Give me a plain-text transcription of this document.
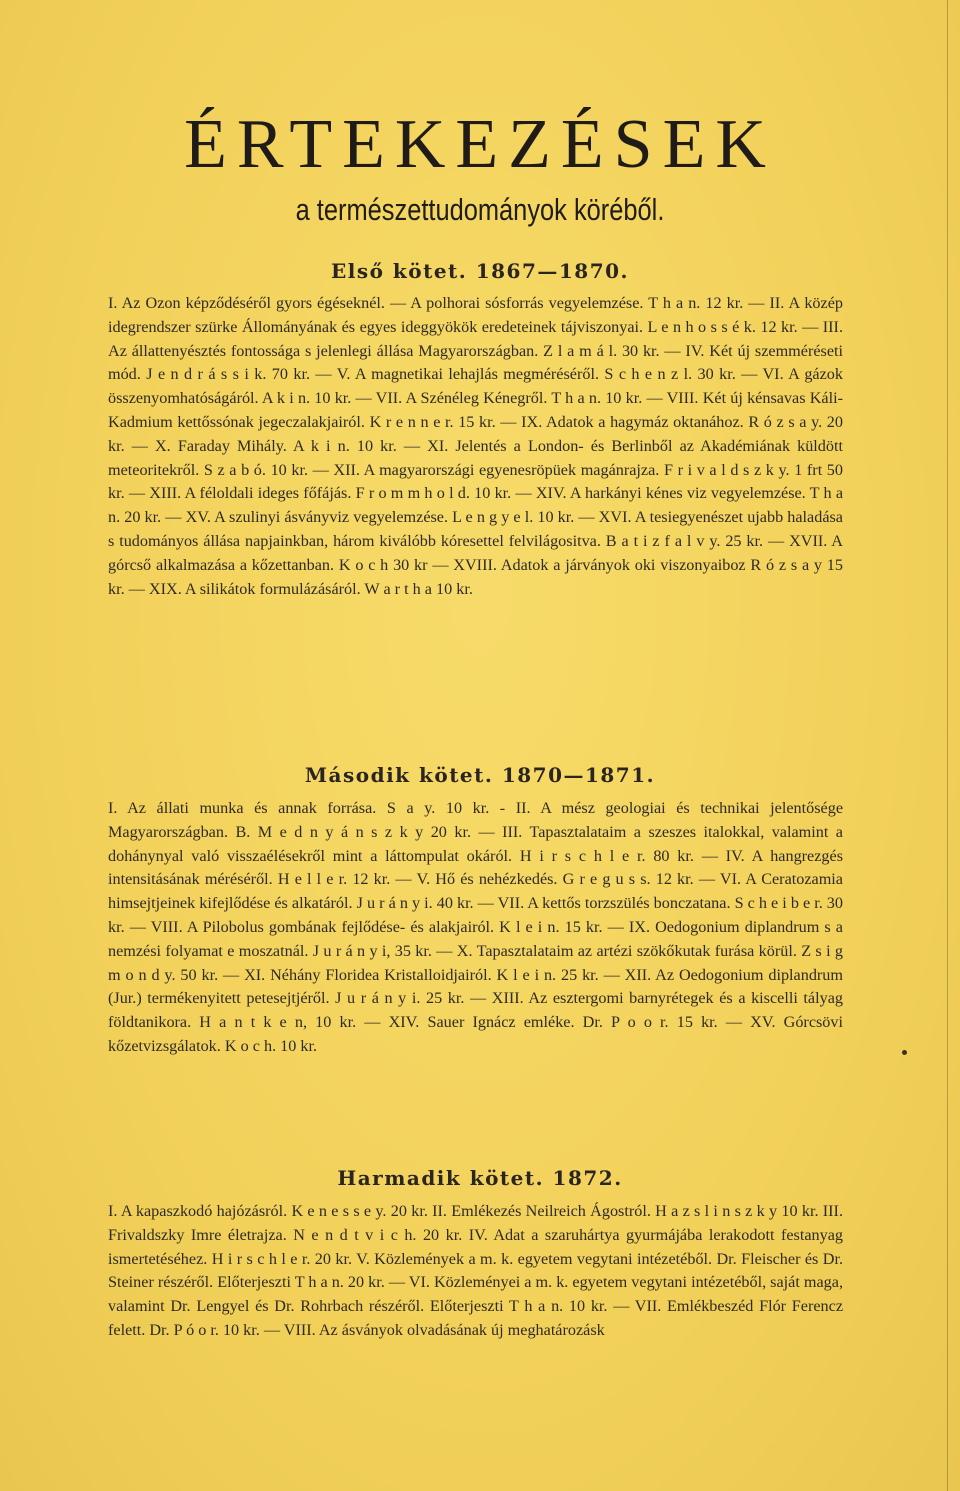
ÉRTEKEZÉSEK
a természettudományok köréből.
Első kötet. 1867—1870.
I. Az Ozon képződéséről gyors égéseknél. — A polhorai sósforrás vegyelemzése. T h a n. 12 kr. — II. A közép idegrendszer szürke Állományának és egyes ideggyökök eredeteinek tájviszonyai. L e n h o s s é k. 12 kr. — III. Az állattenyésztés fontossága s jelenlegi állása Magyarországban. Z l a m á l. 30 kr. — IV. Két új szemméréseti mód. J e n d r á s s i k. 70 kr. — V. A magnetikai lehajlás megméréséről. S c h e n z l. 30 kr. — VI. A gázok összenyomhatóságáról. A k i n. 10 kr. — VII. A Szénéleg Kénegről. T h a n. 10 kr. — VIII. Két új kénsavas Káli-Kadmium kettőssónak jegeczalakjairól. K r e n n e r. 15 kr. — IX. Adatok a hagymáz oktanához. R ó z s a y. 20 kr. — X. Faraday Mihály. A k i n. 10 kr. — XI. Jelentés a London- és Berlinből az Akadémiának küldött meteoritekről. S z a b ó. 10 kr. — XII. A magyarországi egyenesröpüek magánrajza. F r i v a l d s z k y. 1 frt 50 kr. — XIII. A féloldali ideges főfájás. F r o m m h o l d. 10 kr. — XIV. A harkányi kénes viz vegyelemzése. T h a n. 20 kr. — XV. A szulinyi ásványviz vegyelemzése. L e n g y e l. 10 kr. — XVI. A tesiegyenészet ujabb haladása s tudományos állása napjainkban, három kiválóbb kóresettel felvilágositva. B a t i z f a l v y. 25 kr. — XVII. A górcső alkalmazása a kőzettanban. K o c h 30 kr — XVIII. Adatok a járványok oki viszonyaiboz R ó z s a y 15 kr. — XIX. A silikátok formulázásáról. W a r t h a 10 kr.
Második kötet. 1870—1871.
I. Az állati munka és annak forrása. S a y. 10 kr. - II. A mész geologiai és technikai jelentősége Magyarországban. B. M e d n y á n s z k y 20 kr. — III. Tapasztalataim a szeszes italokkal, valamint a dohánynyal való visszaélésekről mint a láttompulat okáról. H i r s c h l e r. 80 kr. — IV. A hangrezgés intensitásának méréséről. H e l l e r. 12 kr. — V. Hő és nehézkedés. G r e g u s s. 12 kr. — VI. A Ceratozamia himsejtjeinek kifejlődése és alkatáról. J u r á n y i. 40 kr. — VII. A kettős torzszülés bonczatana. S c h e i b e r. 30 kr. — VIII. A Pilobolus gombának fejlődése- és alakjairól. K l e i n. 15 kr. — IX. Oedogonium diplandrum s a nemzési folyamat e moszatnál. J u r á n y i, 35 kr. — X. Tapasztalataim az artézi szökőkutak furása körül. Z s i g m o n d y. 50 kr. — XI. Néhány Floridea Kristalloidjairól. K l e i n. 25 kr. — XII. Az Oedogonium diplandrum (Jur.) termékenyitett petesejtjéről. J u r á n y i. 25 kr. — XIII. Az esztergomi barnyrétegek és a kiscelli tályag földtanikora. H a n t k e n, 10 kr. — XIV. Sauer Ignácz emléke. Dr. P o o r. 15 kr. — XV. Górcsövi kőzetvizsgálatok. K o c h. 10 kr.
Harmadik kötet. 1872.
I. A kapaszkodó hajózásról. K e n e s s e y. 20 kr. II. Emlékezés Neilreich Ágostról. H a z s l i n s z k y 10 kr. III. Frivaldszky Imre életrajza. N e n d t v i c h. 20 kr. IV. Adat a szaruhártya gyurmájába lerakodott festanyag ismertetéséhez. H i r s c h l e r. 20 kr. V. Közlemények a m. k. egyetem vegytani intézetéből. Dr. Fleischer és Dr. Steiner részéről. Előterjeszti T h a n. 20 kr. — VI. Közleményei a m. k. egyetem vegytani intézetéből, saját maga, valamint Dr. Lengyel és Dr. Rohrbach részéről. Előterjeszti T h a n. 10 kr. — VII. Emlékbeszéd Flór Ferencz felett. Dr. P ó o r. 10 kr. — VIII. Az ásványok olvadásának új meghatározásk
